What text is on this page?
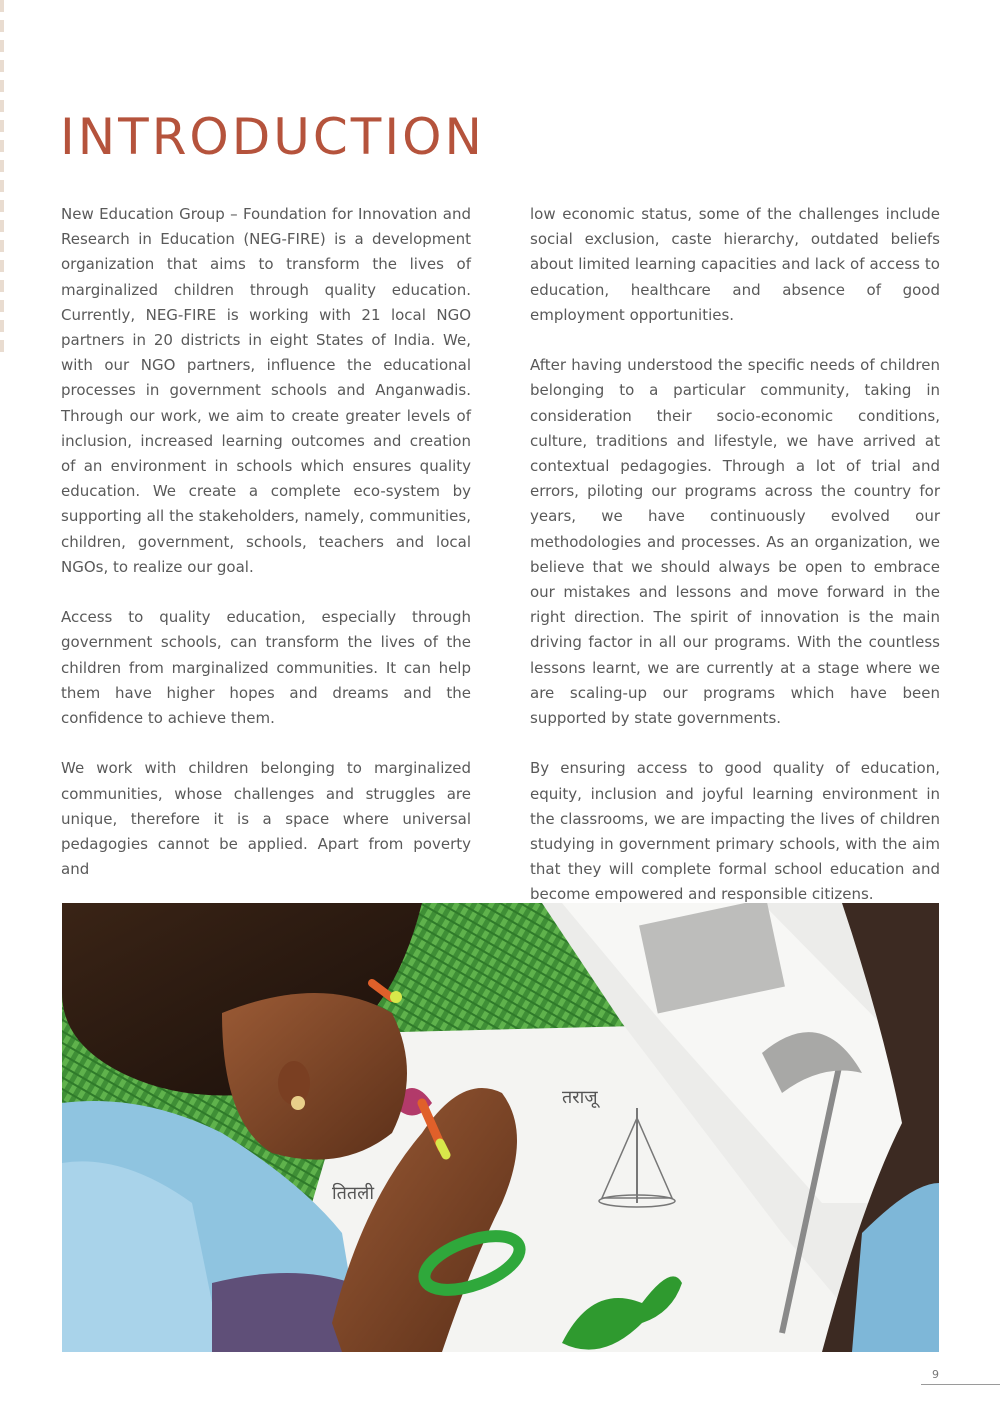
INTRODUCTION

New Education Group – Foundation for Innovation and Research in Education (NEG-FIRE) is a development organization that aims to transform the lives of marginalized children through quality education. Currently, NEG-FIRE is working with 21 local NGO partners in 20 districts in eight States of India. We, with our NGO partners, influence the educational processes in government schools and Anganwadis. Through our work, we aim to create greater levels of inclusion, increased learning outcomes and creation of an environment in schools which ensures quality education. We create a complete eco-system by supporting all the stakeholders, namely, communities, children, government, schools, teachers and local NGOs, to realize our goal.

Access to quality education, especially through government schools, can transform the lives of the children from marginalized communities. It can help them have higher hopes and dreams and the confidence to achieve them.

We work with children belonging to marginalized communities, whose challenges and struggles are unique, therefore it is a space where universal pedagogies cannot be applied. Apart from poverty and

low economic status, some of the challenges include social exclusion, caste hierarchy, outdated beliefs about limited learning capacities and lack of access to education, healthcare and absence of good employment opportunities.

After having understood the specific needs of children belonging to a particular community, taking in consideration their socio-economic conditions, culture, traditions and lifestyle, we have arrived at contextual pedagogies. Through a lot of trial and errors, piloting our programs across the country for years, we have continuously evolved our methodologies and processes. As an organization, we believe that we should always be open to embrace our mistakes and lessons and move forward in the right direction. The spirit of innovation is the main driving factor in all our programs. With the countless lessons learnt, we are currently at a stage where we are scaling-up our programs which have been supported by state governments.

By ensuring access to good quality of education, equity, inclusion and joyful learning environment in the classrooms, we are impacting the lives of children studying in government primary schools, with the aim that they will complete formal school education and become empowered and responsible citizens.

तराजू
तितली
9
